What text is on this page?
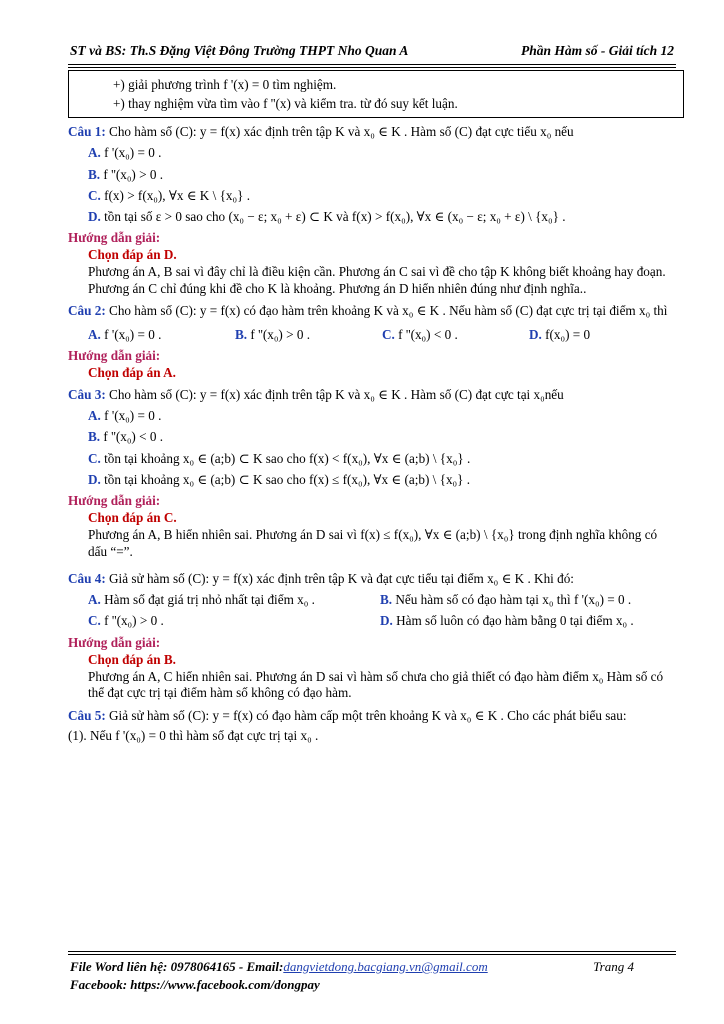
ST và BS: Th.S Đặng Việt Đông Trường THPT Nho Quan A	Phần Hàm số - Giải tích 12

+) giải phương trình f '(x) = 0 tìm nghiệm.

+) thay nghiệm vừa tìm vào f ''(x) và kiểm tra. từ đó suy kết luận.

Câu 1: Cho hàm số (C): y = f(x) xác định trên tập K và x₀ ∈ K . Hàm số (C) đạt cực tiểu x₀ nếu
A. f '(x₀) = 0 .
B. f ''(x₀) > 0 .
C. f(x) > f(x₀), ∀x ∈ K \ {x₀} .
D. tồn tại số ε > 0 sao cho (x₀ − ε; x₀ + ε) ⊂ K và f(x) > f(x₀), ∀x ∈ (x₀ − ε; x₀ + ε) \ {x₀} .
Hướng dẫn giải:
Chọn đáp án D.
Phương án A, B sai vì đây chỉ là điều kiện cần. Phương án C sai vì đề cho tập K không biết khoảng hay đoạn. Phương án C chỉ đúng khi đề cho K là khoảng. Phương án D hiển nhiên đúng như định nghĩa..
Câu 2: Cho hàm số (C): y = f(x) có đạo hàm trên khoảng K và x₀ ∈ K . Nếu hàm số (C) đạt cực trị tại điểm x₀ thì
A. f '(x₀) = 0 .	B. f ''(x₀) > 0 .	C. f ''(x₀) < 0 .	D. f(x₀) = 0
Hướng dẫn giải:
Chọn đáp án A.
Câu 3: Cho hàm số (C): y = f(x) xác định trên tập K và x₀ ∈ K . Hàm số (C) đạt cực tại x₀nếu
A. f '(x₀) = 0 .
B. f ''(x₀) < 0 .
C. tồn tại khoảng x₀ ∈ (a;b) ⊂ K sao cho f(x) < f(x₀), ∀x ∈ (a;b) \ {x₀} .
D. tồn tại khoảng x₀ ∈ (a;b) ⊂ K sao cho f(x) ≤ f(x₀), ∀x ∈ (a;b) \ {x₀} .
Hướng dẫn giải:
Chọn đáp án C.
Phương án A, B hiển nhiên sai. Phương án D sai vì f(x) ≤ f(x₀), ∀x ∈ (a;b) \ {x₀} trong định nghĩa không có dấu “=”.
Câu 4: Giả sử hàm số (C): y = f(x) xác định trên tập K và đạt cực tiểu tại điểm x₀ ∈ K . Khi đó:
A. Hàm số đạt giá trị nhỏ nhất tại điểm x₀ .	B. Nếu hàm số có đạo hàm tại x₀ thì f '(x₀) = 0 .
C. f ''(x₀) > 0 .	D. Hàm số luôn có đạo hàm bằng 0 tại điểm x₀ .
Hướng dẫn giải:
Chọn đáp án B.
Phương án A, C hiển nhiên sai. Phương án D sai vì hàm số chưa cho giả thiết có đạo hàm điểm x₀ Hàm số có thể đạt cực trị tại điểm hàm số không có đạo hàm.
Câu 5: Giả sử hàm số (C): y = f(x) có đạo hàm cấp một trên khoảng K và x₀ ∈ K . Cho các phát biểu sau:
(1). Nếu f '(x₀) = 0 thì hàm số đạt cực trị tại x₀ .
File Word liên hệ: 0978064165 - Email: dangvietdong.bacgiang.vn@gmail.com	Trang 4
Facebook: https://www.facebook.com/dongpay
